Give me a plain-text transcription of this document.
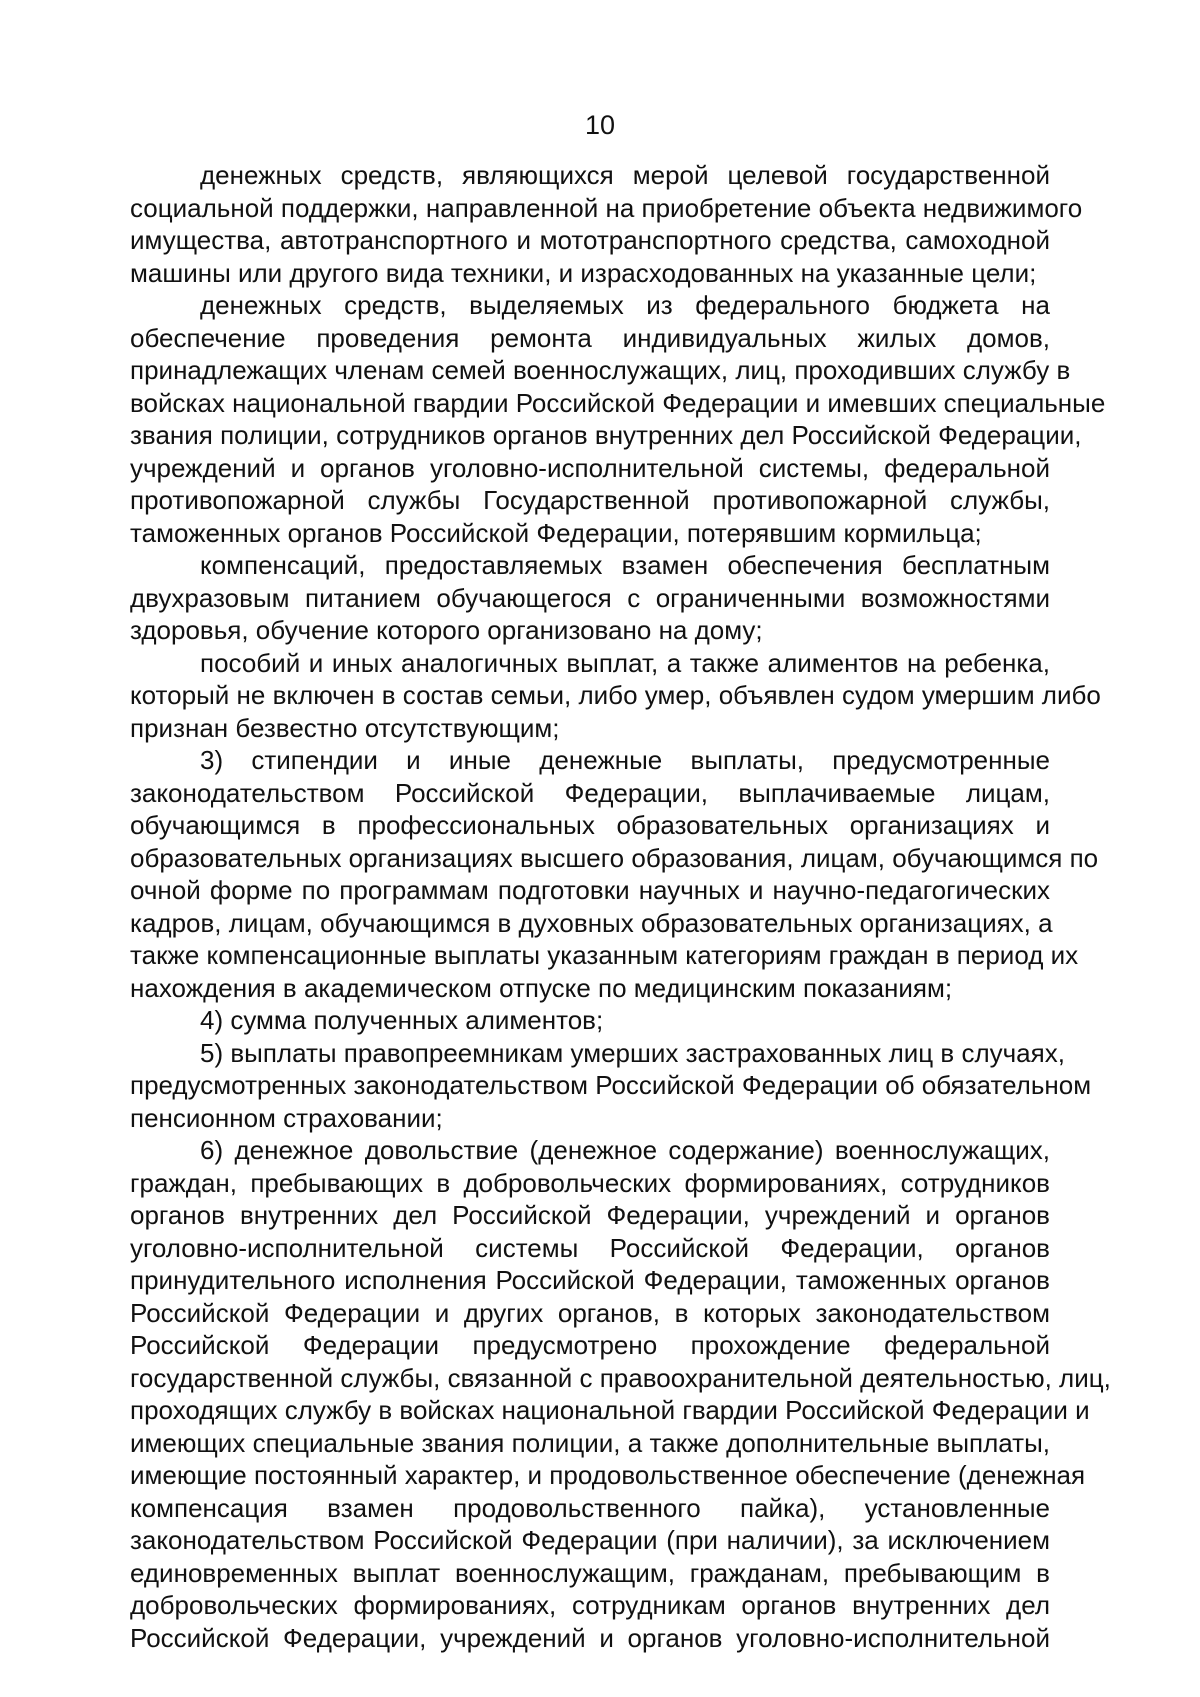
10
денежных средств, являющихся мерой целевой государственной
социальной поддержки, направленной на приобретение объекта недвижимого
имущества, автотранспортного и мототранспортного средства, самоходной
машины или другого вида техники, и израсходованных на указанные цели;
денежных средств, выделяемых из федерального бюджета на
обеспечение проведения ремонта индивидуальных жилых домов,
принадлежащих членам семей военнослужащих, лиц, проходивших службу в
войсках национальной гвардии Российской Федерации и имевших специальные
звания полиции, сотрудников органов внутренних дел Российской Федерации,
учреждений и органов уголовно-исполнительной системы, федеральной
противопожарной службы Государственной противопожарной службы,
таможенных органов Российской Федерации, потерявшим кормильца;
компенсаций, предоставляемых взамен обеспечения бесплатным
двухразовым питанием обучающегося с ограниченными возможностями
здоровья, обучение которого организовано на дому;
пособий и иных аналогичных выплат, а также алиментов на ребенка,
который не включен в состав семьи, либо умер, объявлен судом умершим либо
признан безвестно отсутствующим;
3) стипендии и иные денежные выплаты, предусмотренные
законодательством Российской Федерации, выплачиваемые лицам,
обучающимся в профессиональных образовательных организациях и
образовательных организациях высшего образования, лицам, обучающимся по
очной форме по программам подготовки научных и научно-педагогических
кадров, лицам, обучающимся в духовных образовательных организациях, а
также компенсационные выплаты указанным категориям граждан в период их
нахождения в академическом отпуске по медицинским показаниям;
4) сумма полученных алиментов;
5) выплаты правопреемникам умерших застрахованных лиц в случаях,
предусмотренных законодательством Российской Федерации об обязательном
пенсионном страховании;
6) денежное довольствие (денежное содержание) военнослужащих,
граждан, пребывающих в добровольческих формированиях, сотрудников
органов внутренних дел Российской Федерации, учреждений и органов
уголовно-исполнительной системы Российской Федерации, органов
принудительного исполнения Российской Федерации, таможенных органов
Российской Федерации и других органов, в которых законодательством
Российской Федерации предусмотрено прохождение федеральной
государственной службы, связанной с правоохранительной деятельностью, лиц,
проходящих службу в войсках национальной гвардии Российской Федерации и
имеющих специальные звания полиции, а также дополнительные выплаты,
имеющие постоянный характер, и продовольственное обеспечение (денежная
компенсация взамен продовольственного пайка), установленные
законодательством Российской Федерации (при наличии), за исключением
единовременных выплат военнослужащим, гражданам, пребывающим в
добровольческих формированиях, сотрудникам органов внутренних дел
Российской Федерации, учреждений и органов уголовно-исполнительной
